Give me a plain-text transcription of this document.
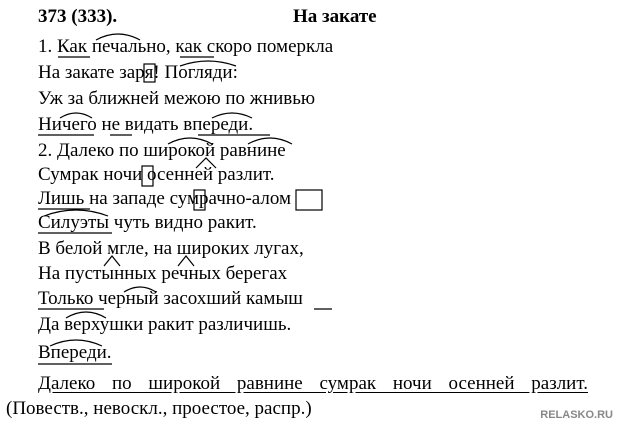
373 (333).	На закате
1. Как печально, как скоро померкла
На закате заря! Погляди:
Уж за ближней межою по жнивью
Ничего не видать впереди.
2. Далеко по широкой равнине
Сумрак ночи осенней разлит.
Лишь на западе сумрачно-алом
Силуэты чуть видно ракит.
В белой мгле, на широких лугах,
На пустынных речных берегах
Только черный засохший камыш
Да верхушки ракит различишь.
Впереди.
Далеко по широкой равнине сумрак ночи осенней разлит.
(Повеств., невоскл., проестое, распр.)	RELASKO.RU
